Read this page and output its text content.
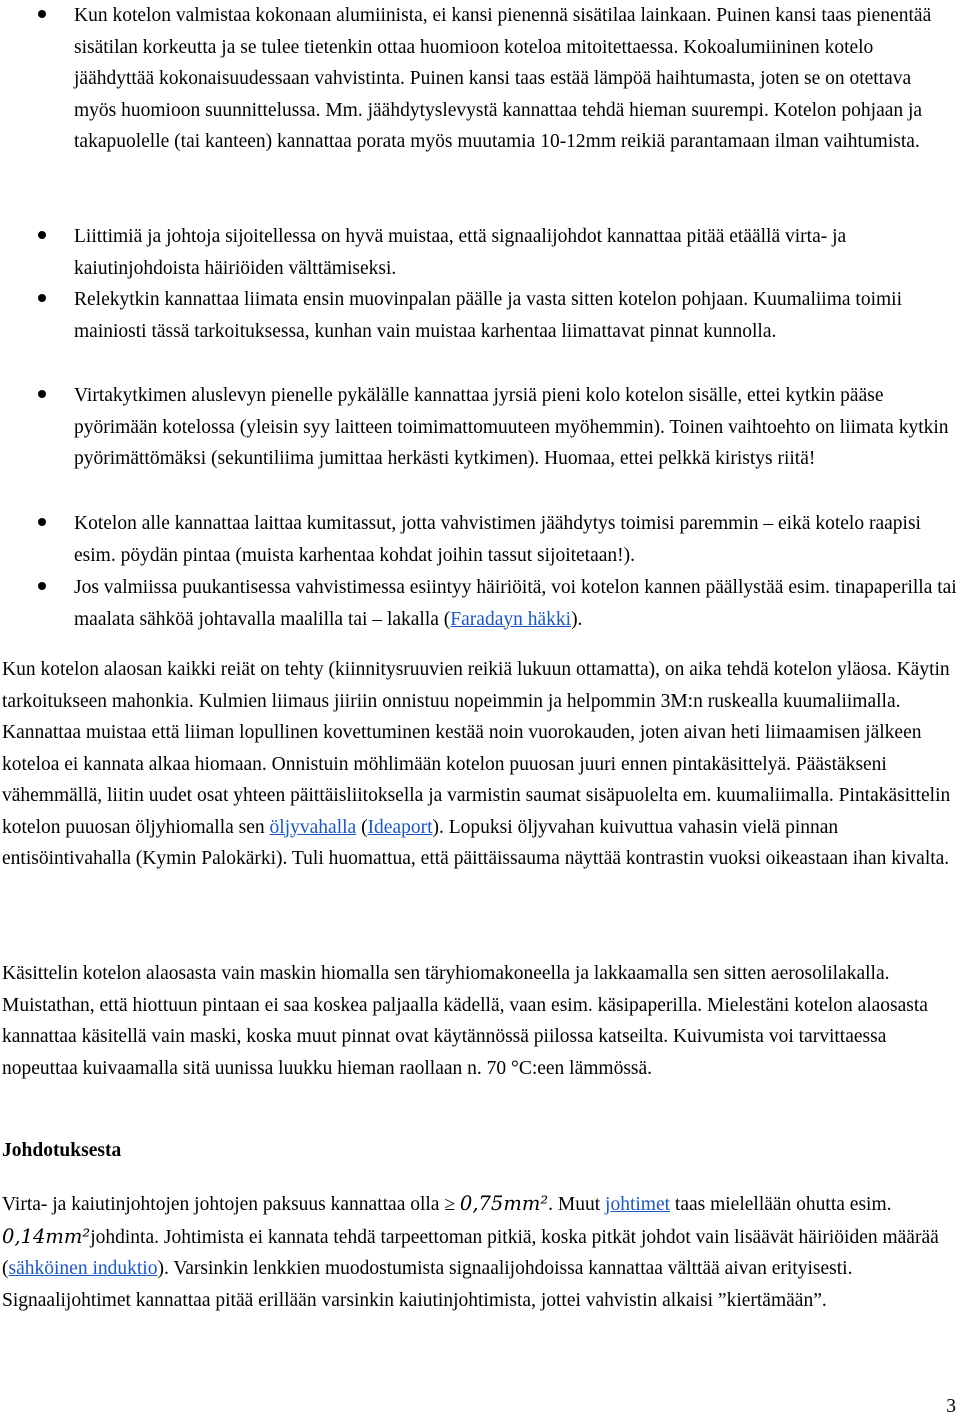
Kun kotelon valmistaa kokonaan alumiinista, ei kansi pienennä sisätilaa lainkaan. Puinen kansi taas pienentää sisätilan korkeutta ja se tulee tietenkin ottaa huomioon koteloa mitoitettaessa. Kokoalumiininen kotelo jäähdyttää kokonaisuudessaan vahvistinta. Puinen kansi taas estää lämpöä haihtumasta, joten se on otettava myös huomioon suunnittelussa. Mm. jäähdytyslevystä kannattaa tehdä hieman suurempi. Kotelon pohjaan ja takapuolelle (tai kanteen) kannattaa porata myös muutamia 10-12mm reikiä parantamaan ilman vaihtumista.
Liittimiä ja johtoja sijoitellessa on hyvä muistaa, että signaalijohdot kannattaa pitää etäällä virta- ja kaiutinjohdoista häiriöiden välttämiseksi.
Relekytkin kannattaa liimata ensin muovinpalan päälle ja vasta sitten kotelon pohjaan. Kuumaliima toimii mainiosti tässä tarkoituksessa, kunhan vain muistaa karhentaa liimattavat pinnat kunnolla.
Virtakytkimen aluslevyn pienelle pykälälle kannattaa jyrsiä pieni kolo kotelon sisälle, ettei kytkin pääse pyörimään kotelossa (yleisin syy laitteen toimimattomuuteen myöhemmin). Toinen vaihtoehto on liimata kytkin pyörimättömäksi (sekuntiliima jumittaa herkästi kytkimen). Huomaa, ettei pelkkä kiristys riitä!
Kotelon alle kannattaa laittaa kumitassut, jotta vahvistimen jäähdytys toimisi paremmin – eikä kotelo raapisi esim. pöydän pintaa (muista karhentaa kohdat joihin tassut sijoitetaan!).
Jos valmiissa puukantisessa vahvistimessa esiintyy häiriöitä, voi kotelon kannen päällystää esim. tinapaperilla tai maalata sähköä johtavalla maalilla tai – lakalla (Faradayn häkki).

Kun kotelon alaosan kaikki reiät on tehty (kiinnitysruuvien reikiä lukuun ottamatta), on aika tehdä kotelon yläosa. Käytin tarkoitukseen mahonkia. Kulmien liimaus jiiriin onnistuu nopeimmin ja helpommin 3M:n ruskealla kuumaliimalla. Kannattaa muistaa että liiman lopullinen kovettuminen kestää noin vuorokauden, joten aivan heti liimaamisen jälkeen koteloa ei kannata alkaa hiomaan. Onnistuin möhlimään kotelon puuosan juuri ennen pintakäsittelyä. Päästäkseni vähemmällä, liitin uudet osat yhteen päittäisliitoksella ja varmistin saumat sisäpuolelta em. kuumaliimalla. Pintakäsittelin kotelon puuosan öljyhiomalla sen öljyvahalla (Ideaport). Lopuksi öljyvahan kuivuttua vahasin vielä pinnan entisöintivahalla (Kymin Palokärki). Tuli huomattua, että päittäissauma näyttää kontrastin vuoksi oikeastaan ihan kivalta.

Käsittelin kotelon alaosasta vain maskin hiomalla sen täryhiomakoneella ja lakkaamalla sen sitten aerosolilakalla. Muistathan, että hiottuun pintaan ei saa koskea paljaalla kädellä, vaan esim. käsipaperilla. Mielestäni kotelon alaosasta kannattaa käsitellä vain maski, koska muut pinnat ovat käytännössä piilossa katseilta. Kuivumista voi tarvittaessa nopeuttaa kuivaamalla sitä uunissa luukku hieman raollaan n. 70 °C:een lämmössä.

Johdotuksesta

Virta- ja kaiutinjohtojen johtojen paksuus kannattaa olla ≥ 0,75mm². Muut johtimet taas mielellään ohutta esim. 0,14mm²johdinta. Johtimista ei kannata tehdä tarpeettoman pitkiä, koska pitkät johdot vain lisäävät häiriöiden määrää (sähköinen induktio). Varsinkin lenkkien muodostumista signaalijohdoissa kannattaa välttää aivan erityisesti. Signaalijohtimet kannattaa pitää erillään varsinkin kaiutinjohtimista, jottei vahvistin alkaisi ”kiertämään”.

3
